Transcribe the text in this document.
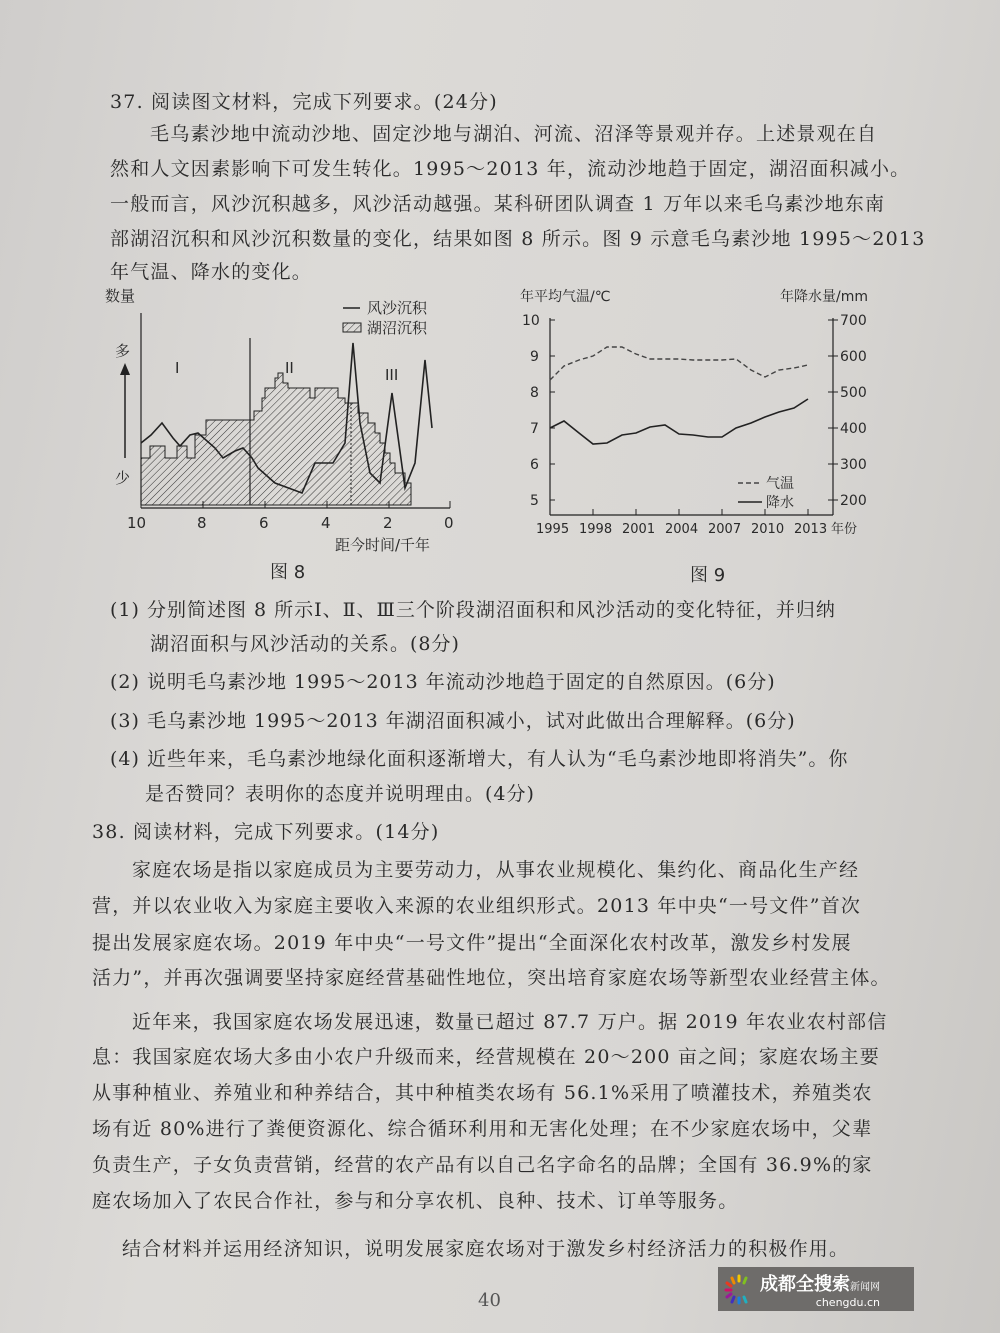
37. 阅读图文材料，完成下列要求。(24分)
毛乌素沙地中流动沙地、固定沙地与湖泊、河流、沼泽等景观并存。上述景观在自
然和人文因素影响下可发生转化。1995～2013 年，流动沙地趋于固定，湖沼面积减小。
一般而言，风沙沉积越多，风沙活动越强。某科研团队调查 1 万年以来毛乌素沙地东南
部湖沼沉积和风沙沉积数量的变化，结果如图 8 所示。图 9 示意毛乌素沙地 1995～2013
年气温、降水的变化。
数量
多
少
I	II	III
风沙沉积
湖沼沉积
10	8	6	4	2	0
距今时间/千年
图 8
年平均气温/℃	年降水量/mm
10
9
8
7
6
5
700
600
500
400
300
200
气温
降水
1995 1998 2001 2004 2007 2010 2013 年份
图 9
(1) 分别简述图 8 所示Ⅰ、Ⅱ、Ⅲ三个阶段湖沼面积和风沙活动的变化特征，并归纳
湖沼面积与风沙活动的关系。(8分)
(2) 说明毛乌素沙地 1995～2013 年流动沙地趋于固定的自然原因。(6分)
(3) 毛乌素沙地 1995～2013 年湖沼面积减小，试对此做出合理解释。(6分)
(4) 近些年来，毛乌素沙地绿化面积逐渐增大，有人认为“毛乌素沙地即将消失”。你
是否赞同？表明你的态度并说明理由。(4分)
38. 阅读材料，完成下列要求。(14分)
家庭农场是指以家庭成员为主要劳动力，从事农业规模化、集约化、商品化生产经
营，并以农业收入为家庭主要收入来源的农业组织形式。2013 年中央“一号文件”首次
提出发展家庭农场。2019 年中央“一号文件”提出“全面深化农村改革，激发乡村发展
活力”，并再次强调要坚持家庭经营基础性地位，突出培育家庭农场等新型农业经营主体。
近年来，我国家庭农场发展迅速，数量已超过 87.7 万户。据 2019 年农业农村部信
息：我国家庭农场大多由小农户升级而来，经营规模在 20～200 亩之间；家庭农场主要
从事种植业、养殖业和种养结合，其中种植类农场有 56.1%采用了喷灌技术，养殖类农
场有近 80%进行了粪便资源化、综合循环利用和无害化处理；在不少家庭农场中，父辈
负责生产，子女负责营销，经营的农产品有以自己名字命名的品牌；全国有 36.9%的家
庭农场加入了农民合作社，参与和分享农机、良种、技术、订单等服务。
结合材料并运用经济知识，说明发展家庭农场对于激发乡村经济活力的积极作用。
40
成都全搜索新闻网
chengdu.cn
